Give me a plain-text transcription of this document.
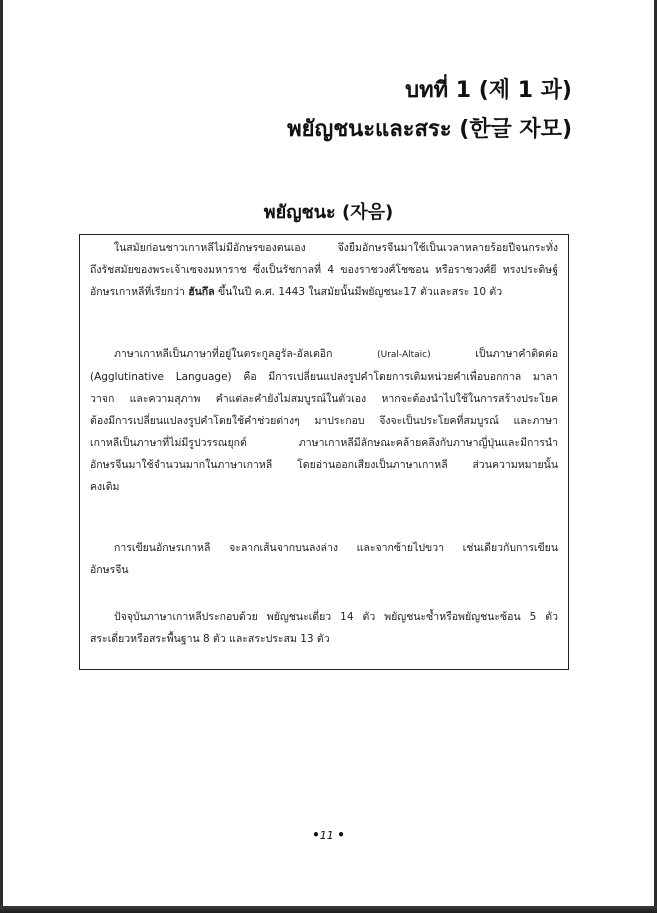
บทที่ 1 (제 1 과)
พยัญชนะและสระ (한글 자모)
พยัญชนะ (자음)
ในสมัยก่อนชาวเกาหลีไม่มีอักษรของตนเอง จึงยืมอักษรจีนมาใช้เป็นเวลาหลายร้อยปีจนกระทั่ง
ถึงรัชสมัยของพระเจ้าเซจงมหาราช ซึ่งเป็นรัชกาลที่ 4 ของราชวงศ์โชซอน หรือราชวงศ์ยี ทรงประดิษฐ์
อักษรเกาหลีที่เรียกว่า ฮันกึล ขึ้นในปี ค.ศ. 1443 ในสมัยนั้นมีพยัญชนะ17 ตัวและสระ 10 ตัว
ภาษาเกาหลีเป็นภาษาที่อยู่ในตระกูลอูรัล-อัลเตอิก	(Ural-Altaic)	เป็นภาษาคำติดต่อ
(Agglutinative Language) คือ มีการเปลี่ยนแปลงรูปคำโดยการเติมหน่วยคำเพื่อบอกกาล มาลา
วาจก และความสุภาพ คำแต่ละคำยังไม่สมบูรณ์ในตัวเอง หากจะต้องนำไปใช้ในการสร้างประโยค
ต้องมีการเปลี่ยนแปลงรูปคำโดยใช้คำช่วยต่างๆ มาประกอบ จึงจะเป็นประโยคที่สมบูรณ์ และภาษา
เกาหลีเป็นภาษาที่ไม่มีรูปวรรณยุกต์ ภาษาเกาหลีมีลักษณะคล้ายคลึงกับภาษาญี่ปุ่นและมีการนำ
อักษรจีนมาใช้จำนวนมากในภาษาเกาหลี โดยอ่านออกเสียงเป็นภาษาเกาหลี ส่วนความหมายนั้น
คงเดิม
การเขียนอักษรเกาหลี จะลากเส้นจากบนลงล่าง และจากซ้ายไปขวา เช่นเดียวกับการเขียน
อักษรจีน
ปัจจุบันภาษาเกาหลีประกอบด้วย พยัญชนะเดี่ยว 14 ตัว พยัญชนะซ้ำหรือพยัญชนะซ้อน 5 ตัว
สระเดี่ยวหรือสระพื้นฐาน 8 ตัว และสระประสม 13 ตัว
•11 •
